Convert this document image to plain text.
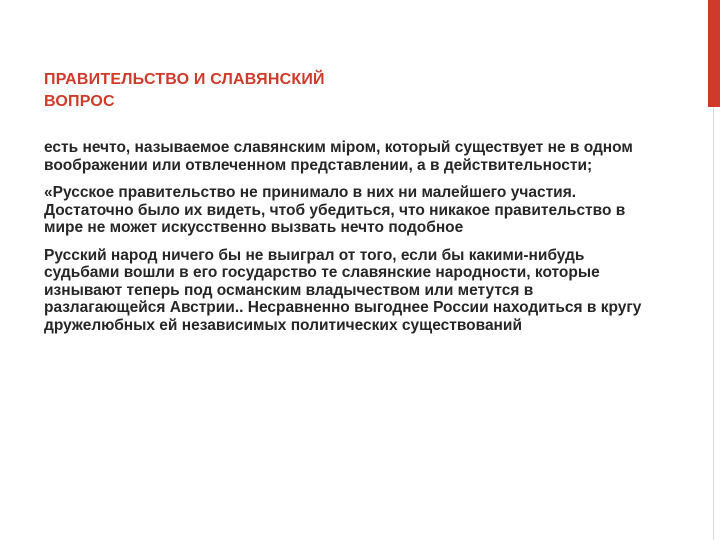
ПРАВИТЕЛЬСТВО И СЛАВЯНСКИЙ
ВОПРОС

есть нечто, называемое славянским міром, который существует не в одном воображении или отвлеченном представлении, а в действительности;

«Русское правительство не принимало в них ни малейшего участия. Достаточно было их видеть, чтоб убедиться, что никакое правительство в мире не может искусственно вызвать нечто подобное

Русский народ ничего бы не выиграл от того, если бы какими-нибудь судьбами вошли в его государство те славянские народности, которые изнывают теперь под османским владычеством или метутся в разлагающейся Австрии.. Несравненно выгоднее России находиться в кругу дружелюбных ей независимых политических существований
